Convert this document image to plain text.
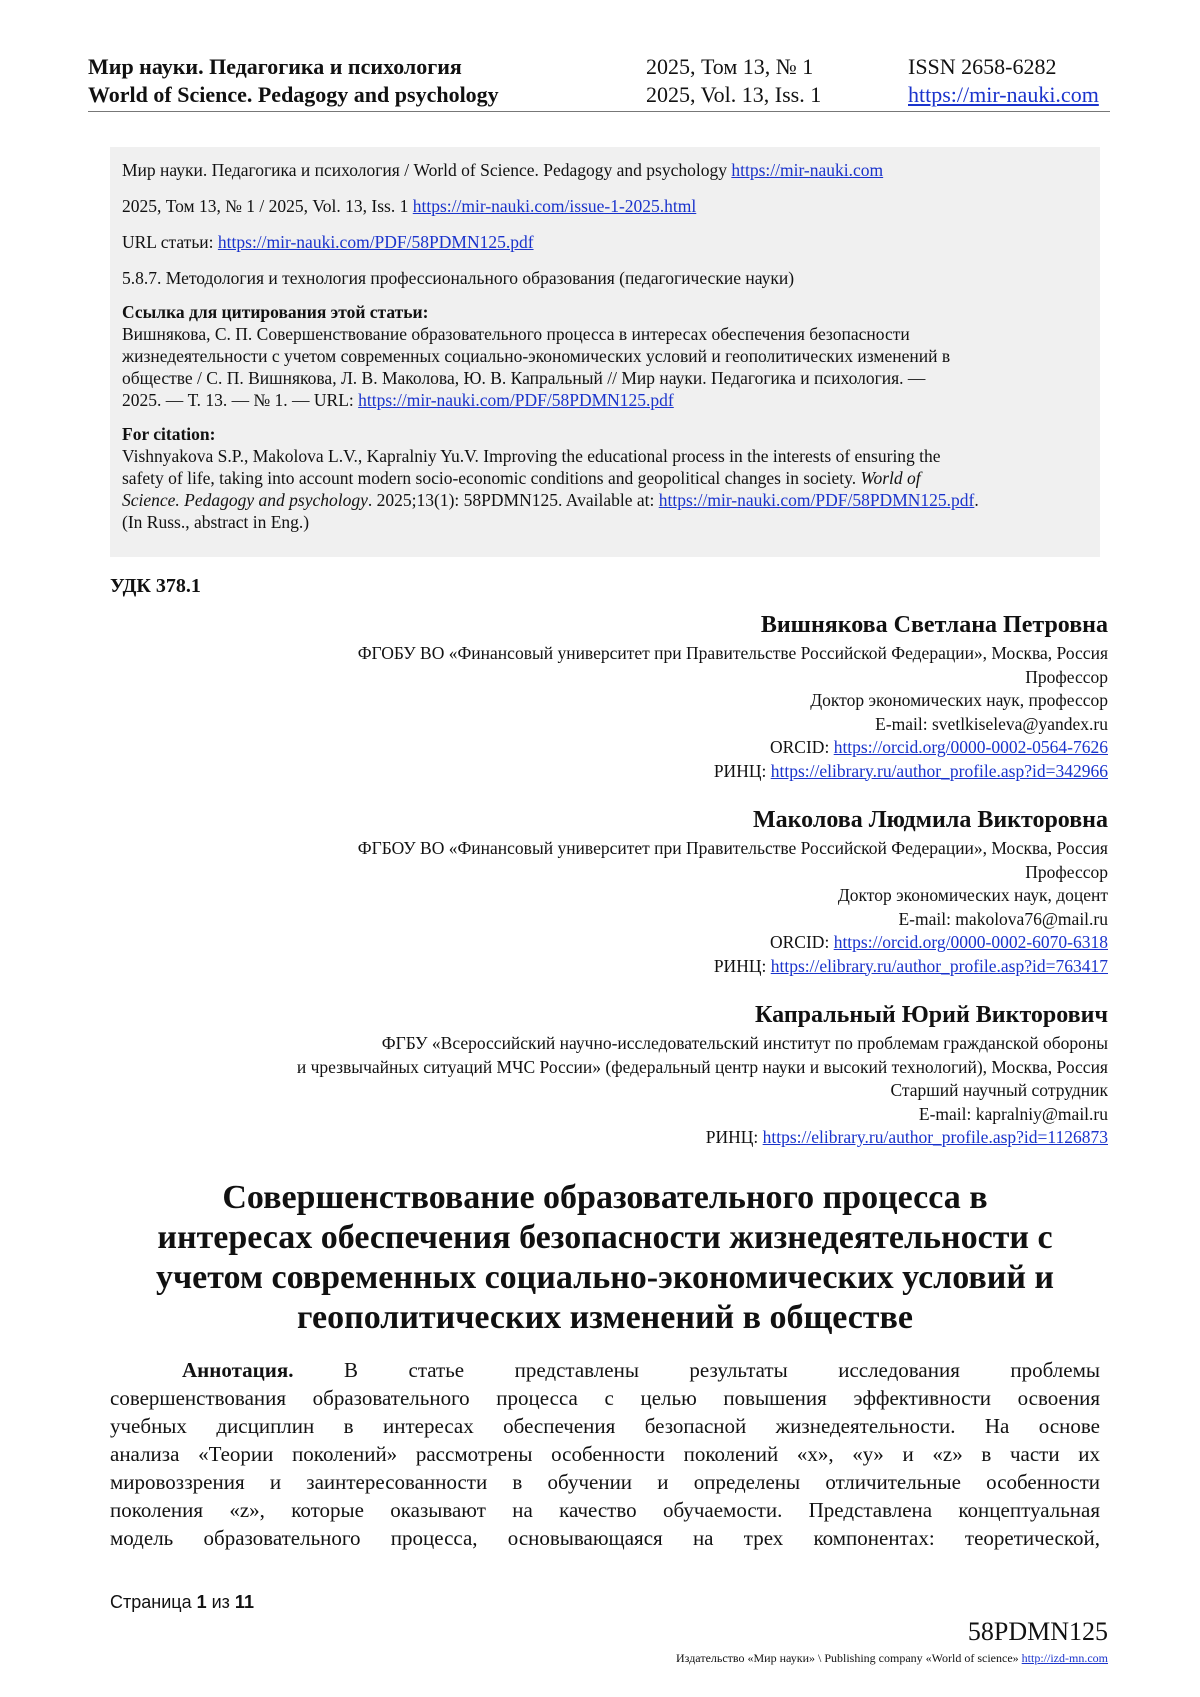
Мир науки. Педагогика и психология
World of Science. Pedagogy and psychology
2025, Том 13, № 1
2025, Vol. 13, Iss. 1
ISSN 2658-6282
https://mir-nauki.com

Мир науки. Педагогика и психология / World of Science. Pedagogy and psychology https://mir-nauki.com

2025, Том 13, № 1 / 2025, Vol. 13, Iss. 1 https://mir-nauki.com/issue-1-2025.html

URL статьи: https://mir-nauki.com/PDF/58PDMN125.pdf

5.8.7. Методология и технология профессионального образования (педагогические науки)

Ссылка для цитирования этой статьи:
Вишнякова, С. П. Совершенствование образовательного процесса в интересах обеспечения безопасности
жизнедеятельности с учетом современных социально-экономических условий и геополитических изменений в
обществе / С. П. Вишнякова, Л. В. Маколова, Ю. В. Капральный // Мир науки. Педагогика и психология. —
2025. — Т. 13. — № 1. — URL: https://mir-nauki.com/PDF/58PDMN125.pdf

For citation:
Vishnyakova S.P., Makolova L.V., Kapralniy Yu.V. Improving the educational process in the interests of ensuring the
safety of life, taking into account modern socio-economic conditions and geopolitical changes in society. World of
Science. Pedagogy and psychology. 2025;13(1): 58PDMN125. Available at: https://mir-nauki.com/PDF/58PDMN125.pdf.
(In Russ., abstract in Eng.)

УДК 378.1
Вишнякова Светлана Петровна
ФГОБУ ВО «Финансовый университет при Правительстве Российской Федерации», Москва, Россия
Профессор
Доктор экономических наук, профессор
E-mail: svetlkiseleva@yandex.ru
ORCID: https://orcid.org/0000-0002-0564-7626
РИНЦ: https://elibrary.ru/author_profile.asp?id=342966
Маколова Людмила Викторовна
ФГБОУ ВО «Финансовый университет при Правительстве Российской Федерации», Москва, Россия
Профессор
Доктор экономических наук, доцент
E-mail: makolova76@mail.ru
ORCID: https://orcid.org/0000-0002-6070-6318
РИНЦ: https://elibrary.ru/author_profile.asp?id=763417
Капральный Юрий Викторович
ФГБУ «Всероссийский научно-исследовательский институт по проблемам гражданской обороны
и чрезвычайных ситуаций МЧС России» (федеральный центр науки и высокий технологий), Москва, Россия
Старший научный сотрудник
E-mail: kapralniy@mail.ru
РИНЦ: https://elibrary.ru/author_profile.asp?id=1126873
Совершенствование образовательного процесса в
интересах обеспечения безопасности жизнедеятельности с
учетом современных социально-экономических условий и
геополитических изменений в обществе
Аннотация. В статье представлены результаты исследования проблемы
совершенствования образовательного процесса с целью повышения эффективности освоения
учебных дисциплин в интересах обеспечения безопасной жизнедеятельности. На основе
анализа «Теории поколений» рассмотрены особенности поколений «x», «y» и «z» в части их
мировоззрения и заинтересованности в обучении и определены отличительные особенности
поколения «z», которые оказывают на качество обучаемости. Представлена концептуальная
модель образовательного процесса, основывающаяся на трех компонентах: теоретической,
Страница 1 из 11
58PDMN125
Издательство «Мир науки» \ Publishing company «World of science» http://izd-mn.com
